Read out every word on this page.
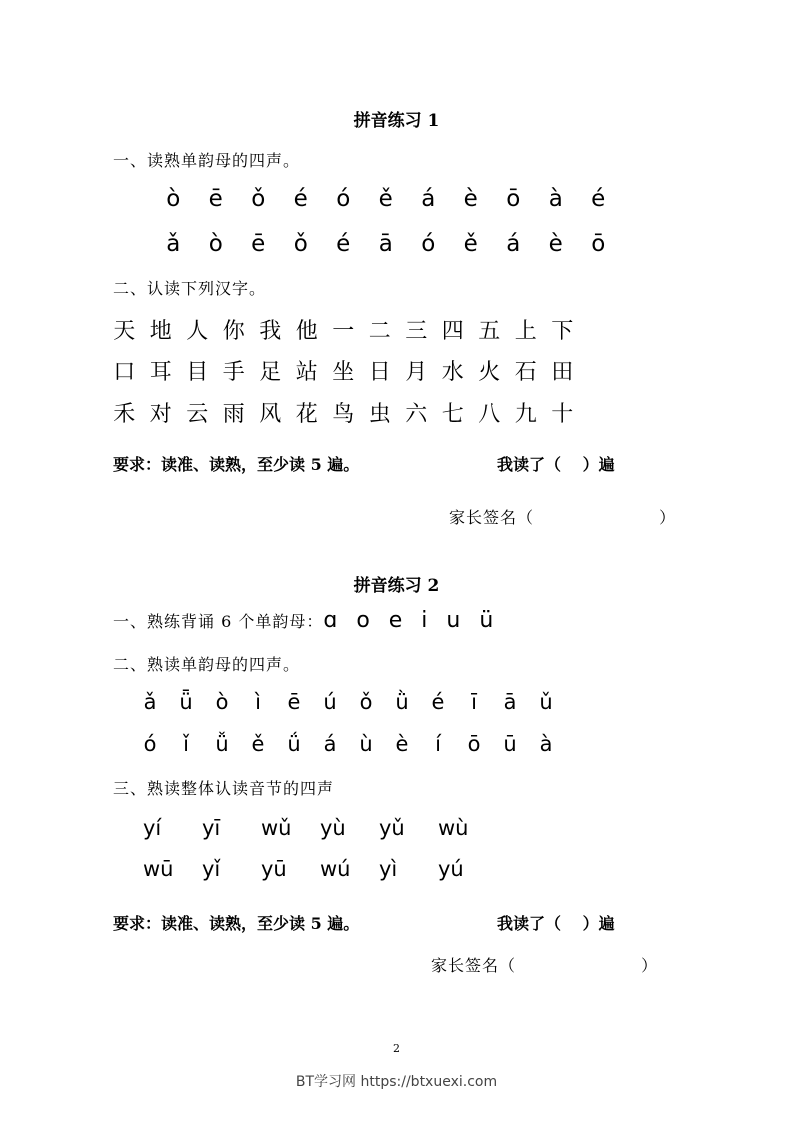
拼音练习 1
一、读熟单韵母的四声。
ò	ē	ǒ	é	ó	ě	á	è	ō	à	é
ǎ	ò	ē	ǒ	é	ā	ó	ě	á	è	ō
二、认读下列汉字。
天 地 人 你 我 他 一 二 三 四 五 上 下
口 耳 目 手 足 站 坐 日 月 水 火 石 田
禾 对 云 雨 风 花 鸟 虫 六 七 八 九 十
要求：读准、读熟，至少读 5 遍。	我读了（　 ）遍
家长签名（　　　　　　　 ）
拼音练习 2
一、熟练背诵 6 个单韵母： ɑ o e i u ü
二、熟读单韵母的四声。
ǎ	ǖ	ò	ì	ē	ú	ǒ	ǜ	é	ī	ā	ǔ
ó	ǐ	ǚ	ě	ǘ	á	ù	è	í	ō	ū	à
三、熟读整体认读音节的四声
yí	yī	wǔ	yù	yǔ	wù
wū	yǐ	yū	wú	yì	yú
要求：读准、读熟，至少读 5 遍。	我读了（　 ）遍
家长签名（　　　　　　　 ）
2
BT学习网 https://btxuexi.com
